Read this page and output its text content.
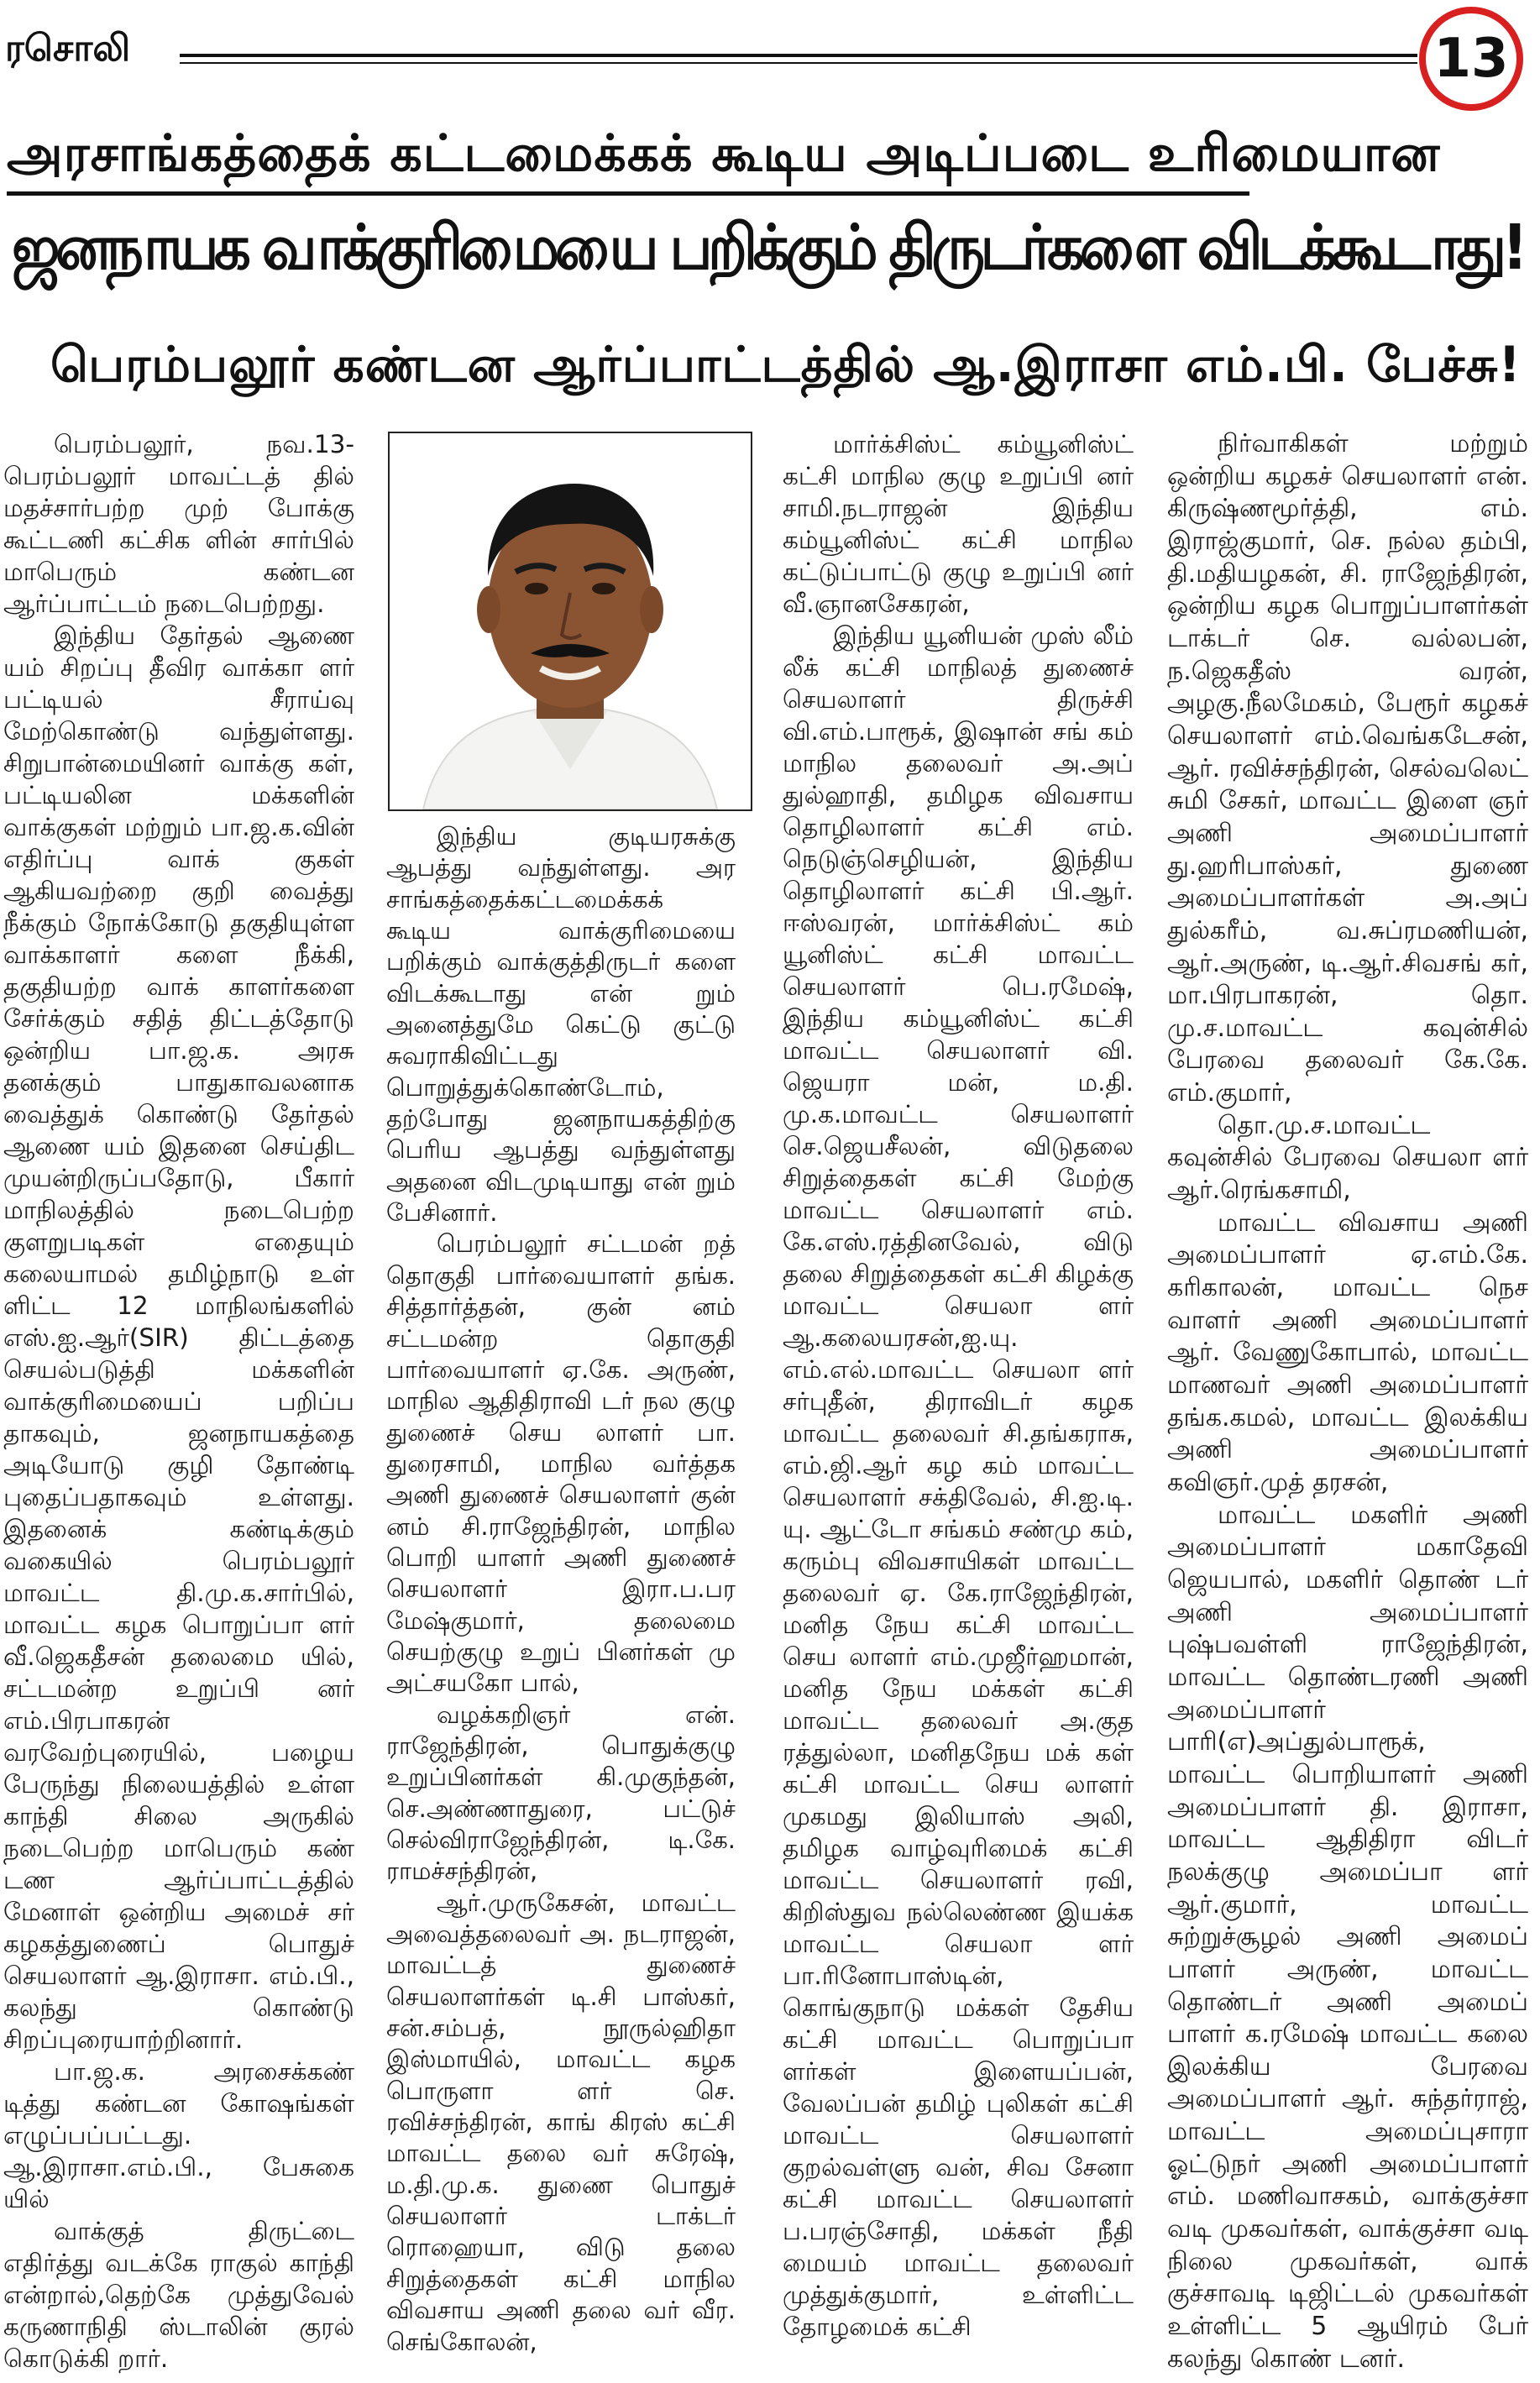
ரசொலி	13
அரசாங்கத்தைக் கட்டமைக்கக் கூடிய அடிப்படை உரிமையான
ஜனநாயக வாக்குரிமையை பறிக்கும் திருடர்களை விடக்கூடாது!
பெரம்பலூர் கண்டன ஆர்ப்பாட்டத்தில் ஆ.இராசா எம்.பி. பேச்சு!

பெரம்பலூர், நவ.13- பெரம்பலூர் மாவட்டத் தில் மதச்சார்பற்ற முற் போக்கு கூட்டணி கட்சிக ளின் சார்பில் மாபெரும் கண்டன ஆர்ப்பாட்டம் நடைபெற்றது.

இந்திய தேர்தல் ஆணை யம் சிறப்பு தீவிர வாக்கா ளர் பட்டியல் சீராய்வு மேற்கொண்டு வந்துள்ளது. சிறுபான்மையினர் வாக்கு கள், பட்டியலின மக்களின் வாக்குகள் மற்றும் பா.ஜ.க.வின் எதிர்ப்பு வாக் குகள் ஆகியவற்றை குறி வைத்து நீக்கும் நோக்கோடு தகுதியுள்ள வாக்காளர் களை நீக்கி, தகுதியற்ற வாக் காளர்களை சேர்க்கும் சதித் திட்டத்தோடு ஒன்றிய பா.ஜ.க. அரசு தனக்கும் பாதுகாவலனாக வைத்துக் கொண்டு தேர்தல் ஆணை யம் இதனை செய்திட முயன்றிருப்பதோடு, பீகார் மாநிலத்தில் நடைபெற்ற குளறுபடிகள் எதையும் கலையாமல் தமிழ்நாடு உள் ளிட்ட 12 மாநிலங்களில் எஸ்.ஐ.ஆர்(SIR) திட்டத்தை செயல்படுத்தி மக்களின் வாக்குரிமையைப் பறிப்ப தாகவும், ஜனநாயகத்தை அடியோடு குழி தோண்டி புதைப்பதாகவும் உள்ளது. இதனைக் கண்டிக்கும் வகையில் பெரம்பலூர் மாவட்ட தி.மு.க.சார்பில், மாவட்ட கழக பொறுப்பா ளர் வீ.ஜெகதீசன் தலைமை யில், சட்டமன்ற உறுப்பி னர் எம்.பிரபாகரன் வரவேற்புரையில், பழைய பேருந்து நிலையத்தில் உள்ள காந்தி சிலை அருகில் நடைபெற்ற மாபெரும் கண் டண ஆர்ப்பாட்டத்தில் மேனாள் ஒன்றிய அமைச் சர் கழகத்துணைப் பொதுச் செயலாளர் ஆ.இராசா. எம்.பி., கலந்து கொண்டு சிறப்புரையாற்றினார்.

பா.ஜ.க. அரசைக்கண் டித்து கண்டன கோஷங்கள் எழுப்பப்பட்டது. ஆ.இராசா.எம்.பி., பேசுகை யில்

வாக்குத் திருட்டை எதிர்த்து வடக்கே ராகுல் காந்தி என்றால்,தெற்கே முத்துவேல் கருணாநிதி ஸ்டாலின் குரல் கொடுக்கி றார்.

இந்திய குடியரசுக்கு ஆபத்து வந்துள்ளது. அர சாங்கத்தைக்கட்டமைக்கக் கூடிய வாக்குரிமையை பறிக்கும் வாக்குத்திருடர் களை விடக்கூடாது என் றும் அனைத்துமே கெட்டு குட்டு சுவராகிவிட்டது பொறுத்துக்கொண்டோம், தற்போது ஜனநாயகத்திற்கு பெரிய ஆபத்து வந்துள்ளது அதனை விடமுடியாது என் றும் பேசினார்.

பெரம்பலூர் சட்டமன் றத் தொகுதி பார்வையாளர் தங்க. சித்தார்த்தன், குன் னம் சட்டமன்ற தொகுதி பார்வையாளர் ஏ.கே. அருண், மாநில ஆதிதிராவி டர் நல குழு துணைச் செய லாளர் பா. துரைசாமி, மாநில வர்த்தக அணி துணைச் செயலாளர் குன் னம் சி.ராஜேந்திரன், மாநில பொறி யாளர் அணி துணைச் செயலாளர் இரா.ப.பர மேஷ்குமார், தலைமை செயற்குழு உறுப் பினர்கள் மு அட்சயகோ பால்,

வழக்கறிஞர் என். ராஜேந்திரன், பொதுக்குழு உறுப்பினர்கள் கி.முகுந்தன், செ.அண்ணாதுரை, பட்டுச் செல்விராஜேந்திரன், டி.கே. ராமச்சந்திரன்,

ஆர்.முருகேசன், மாவட்ட அவைத்தலைவர் அ. நடராஜன், மாவட்டத் துணைச் செயலாளர்கள் டி.சி பாஸ்கர், சன்.சம்பத், நூருல்ஹிதா இஸ்மாயில், மாவட்ட கழக பொருளா ளர் செ. ரவிச்சந்திரன், காங் கிரஸ் கட்சி மாவட்ட தலை வர் சுரேஷ், ம.தி.மு.க. துணை பொதுச் செயலாளர் டாக்டர் ரொஹையா, விடு தலை சிறுத்தைகள் கட்சி மாநில விவசாய அணி தலை வர் வீர. செங்கோலன்,

மார்க்சிஸ்ட் கம்யூனிஸ்ட் கட்சி மாநில குழு உறுப்பி னர் சாமி.நடராஜன் இந்திய கம்யூனிஸ்ட் கட்சி மாநில கட்டுப்பாட்டு குழு உறுப்பி னர் வீ.ஞானசேகரன்,

இந்திய யூனியன் முஸ் லீம் லீக் கட்சி மாநிலத் துணைச் செயலாளர் திருச்சி வி.எம்.பாரூக், இஷான் சங் கம் மாநில தலைவர் அ.அப் துல்ஹாதி, தமிழக விவசாய தொழிலாளர் கட்சி எம். நெடுஞ்செழியன், இந்திய தொழிலாளர் கட்சி பி.ஆர். ஈஸ்வரன், மார்க்சிஸ்ட் கம் யூனிஸ்ட் கட்சி மாவட்ட செயலாளர் பெ.ரமேஷ், இந்திய கம்யூனிஸ்ட் கட்சி மாவட்ட செயலாளர் வி. ஜெயரா மன், ம.தி. மு.க.மாவட்ட செயலாளர் செ.ஜெயசீலன், விடுதலை சிறுத்தைகள் கட்சி மேற்கு மாவட்ட செயலாளர் எம். கே.எஸ்.ரத்தினவேல், விடு தலை சிறுத்தைகள் கட்சி கிழக்கு மாவட்ட செயலா ளர் ஆ.கலையரசன்,ஐ.யு. எம்.எல்.மாவட்ட செயலா ளர் சர்புதீன், திராவிடர் கழக மாவட்ட தலைவர் சி.தங்கராசு, எம்.ஜி.ஆர் கழ கம் மாவட்ட செயலாளர் சக்திவேல், சி.ஐ.டி. யு. ஆட்டோ சங்கம் சண்மு கம், கரும்பு விவசாயிகள் மாவட்ட தலைவர் ஏ. கே.ராஜேந்திரன், மனித நேய கட்சி மாவட்ட செய லாளர் எம்.முஜீர்ஹமான், மனித நேய மக்கள் கட்சி மாவட்ட தலைவர் அ.குத ரத்துல்லா, மனிதநேய மக் கள் கட்சி மாவட்ட செய லாளர் முகமது இலியாஸ் அலி, தமிழக வாழ்வுரிமைக் கட்சி மாவட்ட செயலாளர் ரவி, கிறிஸ்துவ நல்லெண்ண இயக்க மாவட்ட செயலா ளர் பா.ரினோபாஸ்டின், கொங்குநாடு மக்கள் தேசிய கட்சி மாவட்ட பொறுப்பா ளர்கள் இளையப்பன், வேலப்பன் தமிழ் புலிகள் கட்சி மாவட்ட செயலாளர் குறல்வள்ளு வன், சிவ சேனா கட்சி மாவட்ட செயலாளர் ப.பரஞ்சோதி, மக்கள் நீதி மையம் மாவட்ட தலைவர் முத்துக்குமார், உள்ளிட்ட தோழமைக் கட்சி

நிர்வாகிகள் மற்றும் ஒன்றிய கழகச் செயலாளர் என். கிருஷ்ணமூர்த்தி, எம். இராஜ்குமார், செ. நல்ல தம்பி, தி.மதியழகன், சி. ராஜேந்திரன், ஒன்றிய கழக பொறுப்பாளர்கள் டாக்டர் செ. வல்லபன், ந.ஜெகதீஸ் வரன், அழகு.நீலமேகம், பேரூர் கழகச் செயலாளர் எம்.வெங்கடேசன், ஆர். ரவிச்சந்திரன், செல்வலெட் சுமி சேகர், மாவட்ட இளை ஞர் அணி அமைப்பாளர் து.ஹரிபாஸ்கர், துணை அமைப்பாளர்கள் அ.அப் துல்கரீம், வ.சுப்ரமணியன், ஆர்.அருண், டி.ஆர்.சிவசங் கர், மா.பிரபாகரன், தொ. மு.ச.மாவட்ட கவுன்சில் பேரவை தலைவர் கே.கே. எம்.குமார்,

தொ.மு.ச.மாவட்ட கவுன்சில் பேரவை செயலா ளர் ஆர்.ரெங்கசாமி,

மாவட்ட விவசாய அணி அமைப்பாளர் ஏ.எம்.கே. கரிகாலன், மாவட்ட நெச வாளர் அணி அமைப்பாளர் ஆர். வேணுகோபால், மாவட்ட மாணவர் அணி அமைப்பாளர் தங்க.கமல், மாவட்ட இலக்கிய அணி அமைப்பாளர் கவிஞர்.முத் தரசன்,

மாவட்ட மகளிர் அணி அமைப்பாளர் மகாதேவி ஜெயபால், மகளிர் தொண் டர் அணி அமைப்பாளர் புஷ்பவள்ளி ராஜேந்திரன், மாவட்ட தொண்டரணி அணி அமைப்பாளர் பாரி(எ)அப்துல்பாரூக், மாவட்ட பொறியாளர் அணி அமைப்பாளர் தி. இராசா, மாவட்ட ஆதிதிரா விடர் நலக்குழு அமைப்பா ளர் ஆர்.குமார், மாவட்ட சுற்றுச்சூழல் அணி அமைப் பாளர் அருண், மாவட்ட தொண்டர் அணி அமைப் பாளர் க.ரமேஷ் மாவட்ட கலை இலக்கிய பேரவை அமைப்பாளர் ஆர். சுந்தர்ராஜ், மாவட்ட அமைப்புசாரா ஓட்டுநர் அணி அமைப்பாளர் எம். மணிவாசகம், வாக்குச்சா வடி முகவர்கள், வாக்குச்சா வடி நிலை முகவர்கள், வாக் குச்சாவடி டிஜிட்டல் முகவர்கள் உள்ளிட்ட 5 ஆயிரம் பேர் கலந்து கொண் டனர்.
